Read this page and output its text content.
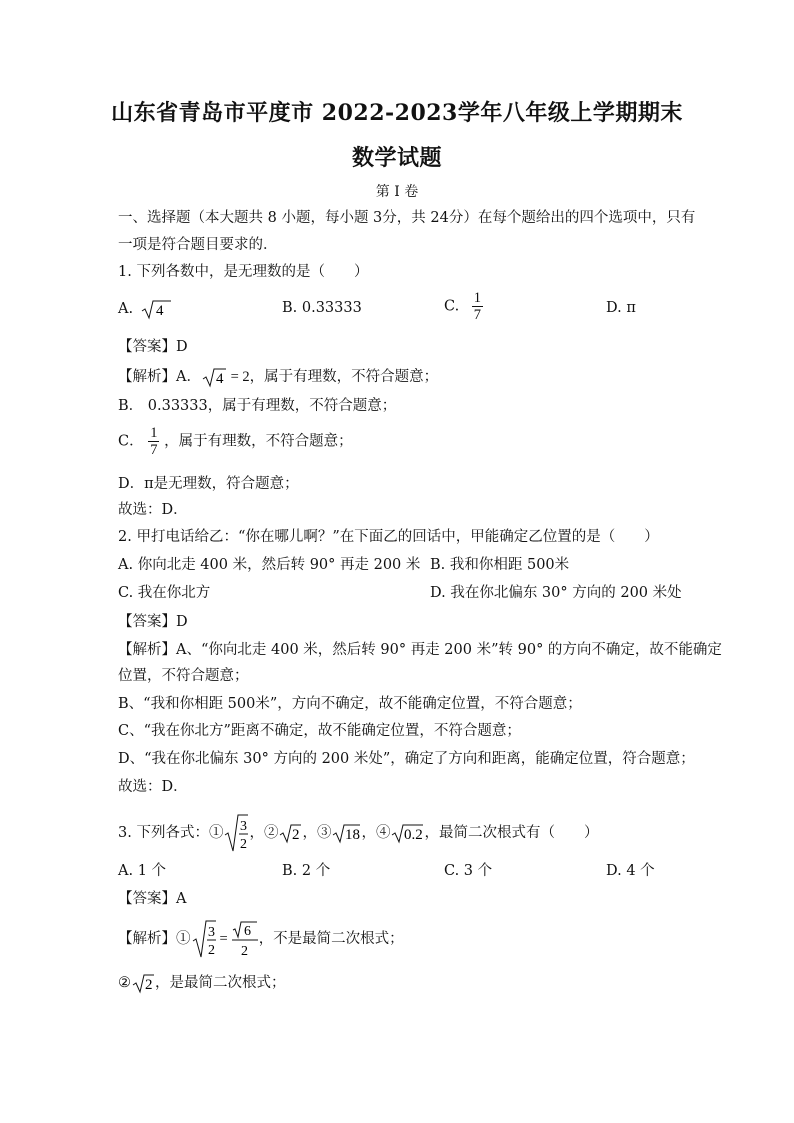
山东省青岛市平度市 2022-2023学年八年级上学期期末
数学试题
第 I 卷
一、选择题（本大题共 8 小题，每小题 3分，共 24分）在每个题给出的四个选项中，只有
一项是符合题目要求的．
1. 下列各数中，是无理数的是（　　）
A. 4	B. 0.33333	C. $\frac{1}{7}$	D. π
【答案】D
【解析】A． 4 = 2，属于有理数，不符合题意；
B． 0.33333，属于有理数，不符合题意；
C． $\frac{1}{7}$ ，属于有理数，不符合题意；
D．π是无理数，符合题意；
故选：D．
2. 甲打电话给乙：“你在哪儿啊？”在下面乙的回话中，甲能确定乙位置的是（　　）
A. 你向北走 400 米，然后转 90° 再走 200 米 B. 我和你相距 500米
C. 我在你北方	D. 我在你北偏东 30° 方向的 200 米处
【答案】D
【解析】A、“你向北走 400 米，然后转 90° 再走 200 米”转 90° 的方向不确定，故不能确定
位置，不符合题意；
B、“我和你相距 500米”，方向不确定，故不能确定位置，不符合题意；
C、“我在你北方”距离不确定，故不能确定位置，不符合题意；
D、“我在你北偏东 30° 方向的 200 米处”，确定了方向和距离，能确定位置，符合题意；
故选：D．
3. 下列各式：① 3
2
，② 2 ，③ 18 ，④ 0.2 ，最简二次根式有（　　）
A. 1 个	B. 2 个	C. 3 个	D. 4 个
【答案】A
【解析】① 3
2
= 6
2
，不是最简二次根式；
② 2 ，是最简二次根式；
